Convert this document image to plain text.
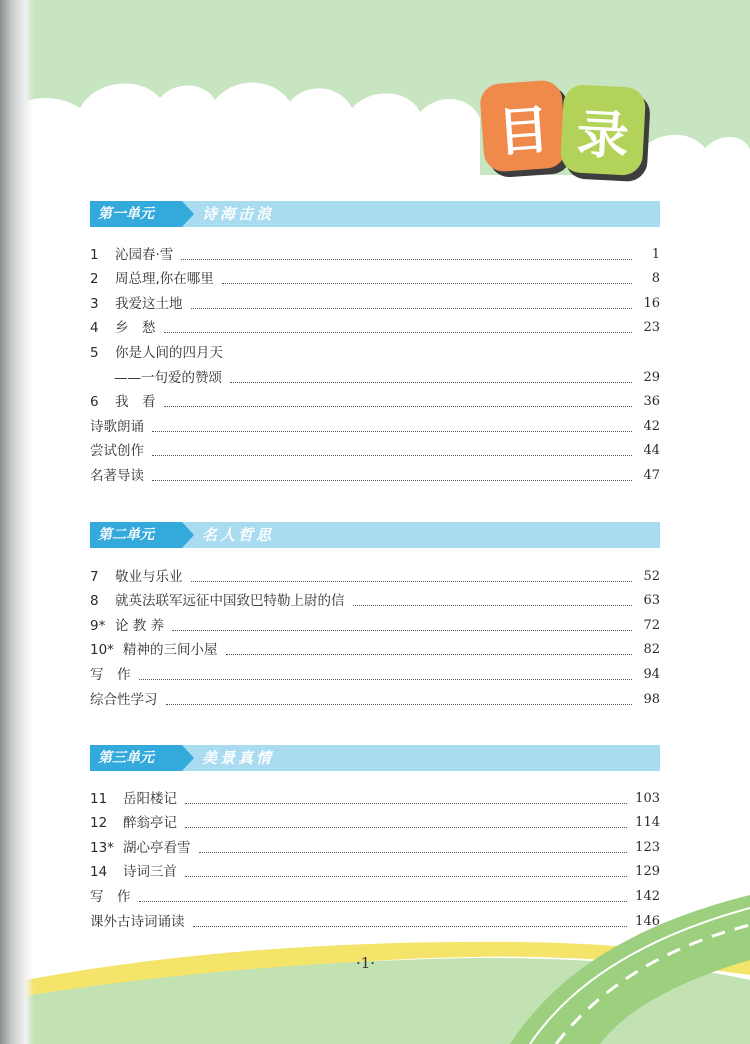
目 录
第一单元	诗海击浪
1	沁园春·雪	1
2	周总理,你在哪里	8
3	我爱这土地	16
4	乡　愁	23
5	你是人间的四月天
——一句爱的赞颂	29
6	我　看	36
诗歌朗诵	42
尝试创作	44
名著导读	47
第二单元	名人哲思
7	敬业与乐业	52
8	就英法联军远征中国致巴特勒上尉的信	63
9* 论 教 养	72
10* 精神的三间小屋	82
写　作	94
综合性学习	98
第三单元	美景真情
11	岳阳楼记	103
12	醉翁亭记	114
13* 湖心亭看雪	123
14	诗词三首	129
写　作	142
课外古诗词诵读	146
·1·
